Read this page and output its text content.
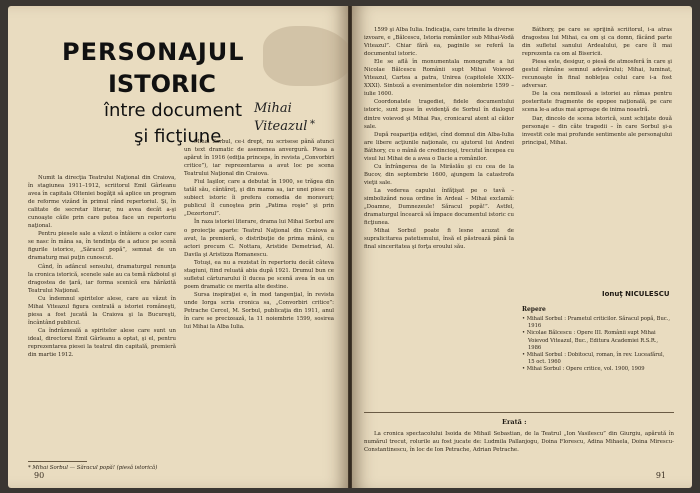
PERSONAJUL
ISTORIC
între document
şi ficţiune
Mihai
Viteazul *

Numit la direcţia Teatrului Naţional din Craiova, în stagiunea 1911–1912, scriitorul Emil Gârleanu avea în capitala Olteniei bogăţii să aplice un program de reforme vizând în primul rând repertoriul. Şi, în calitate de secretar literar, nu avea decât a-şi cunoaşte căile prin care putea face un repertoriu naţional.

Pentru piesele sale a văzut o întâiere a celor care se nasc în mâna sa, în tendinţa de a aduce pe scenă figurile istorice, „Săracul popă”, semnat de un dramaturg mai puţin cunoscut.

Când, în adâncul sensului, dramaturgul renunţa la cronica istorică, scenele sale au ca temă războiul şi dragostea de ţară, iar forma scenică era hărăzită Teatrului Naţional.

Cu îndemnul spiritelor alese, care au văzut în Mihai Viteazul figura centrală a istoriei româneşti, piesa a fost jucată la Craiova şi la Bucureşti, încântând publicul.

Ca îndrăzneală a spiritelor alese care sunt un ideal, directorul Emil Gârleanu a optat, şi el, pentru reprezentarea piesei la teatrul din capitală, premieră din martie 1912.

* Mihai Sorbul — Săracul popă! (piesă istorică)

Mihai Sorbul, ce-i drept, nu scrisese până atunci un text dramatic de asemenea anvergură. Piesa a apărut în 1916 (ediţia princeps, în revista „Convorbiri critice”), iar reprezentarea a avut loc pe scena Teatrului Naţional din Craiova.

Fiul Iaşilor, care a debutat în 1900, se trăgea din tatăl său, cântăreţ, şi din mama sa, iar unei piese cu subiect istoric îi prefera comedia de moravuri; publicul îl cunoştea prin „Patima roşie” şi prin „Dezertorul”.

În raza istoriei literare, drama lui Mihai Sorbul are o proiecţie aparte: Teatrul Naţional din Craiova a avut, la premieră, o distribuţie de prima mână, cu actori precum C. Nottara, Aristide Demetriad, Al. Davila şi Aristizza Romanescu.

Totuşi, ea nu a rezistat în repertoriu decât câteva stagiuni, fiind reluată abia după 1921. Drumul bun ce sufletul cărturarului îl ducea pe scenă avea în ea un poem dramatic ce merita alte destine.

Sursa inspiraţiei e, în mod tangenţial, în revista unde Iorga scria cronica sa, „Convorbiri critice”: Petrache Cercel, M. Sorbul, publicaţia din 1911, anul în care se precizează, la 11 noiembrie 1599, sosirea lui Mihai la Alba Iulia.

90

1599 şi Alba Iulia. Indicaţia, care trimite la diverse izvoare, e „Bălcescu, Istoria românilor sub Mihai-Vodă Viteazul”. Chiar fără ea, paginile se referă la documentul istoric.

Ele se află în monumentala monografie a lui Nicolae Bălcescu Românii supt Mihai Voievod Viteazul, Cartea a patra, Unirea (capitolele XXIX–XXXI). Sinteză a evenimentelor din noiembrie 1599 – iulie 1600.

Coordonatele tragediei, fidele documentului istoric, sunt puse în evidenţă de Sorbul în dialogul dintre voievod şi Mihai Pas, cronicarul atent al căilor sale.

După reapariţia ediţiei, cînd domnul din Alba-Iulia are libere acţiunile naţionale, cu ajutorul lui Andrei Báthory, cu o mână de credincioşi, trecutul începea cu visul lui Mihai de a avea o Dacie a românilor.

Cu înfrângerea de la Mirăslău şi cu cea de la Bucov, din septembrie 1600, ajungem la catastrofa vieţii sale.

La vederea capului înfăţişat pe o tavă – simbolizând noua ordine în Ardeal – Mihai exclamă: „Doamne, Dumnezeule! Săracul popă!”. Astfel, dramaturgul încearcă să împace documentul istoric cu ficţiunea.

Mihai Sorbul poate fi lesne acuzat de supralicitarea patetismului, însă el păstrează până la final sinceritatea şi forţa eroului său.

Báthory, pe care se sprijină scriitorul, i-a atras dragostea lui Mihai, ca om şi ca domn, făcând parte din sufletul sanului Ardealului, pe care îl mai reprezenta ca om al Bisericii.

Piesa este, desigur, o piesă de atmosferă în care şi gestul rămâne semnul adevărului; Mihai, luminat, recunoaşte în final nobleţea celui care i-a fost adversar.

De la cea nemiloasă a istoriei au rămas pentru posteritate fragmente de epopee naţională, pe care scena le-a adus mai aproape de inima noastră.

Dar, dincolo de scena istorică, sunt schiţate două personaje – din câte tragedii – în care Sorbul şi-a investit cele mai profunde sentimente ale personajului principal, Mihai.

Ionuţ NICULESCU
Repere
• Mihail Sorbul : Prametul criticilor. Săracul popă, Buc., 1916
• Nicolae Bălcescu : Opere III. Românii supt Mihai Voievod Viteazul, Buc., Editura Academiei R.S.R., 1986
• Mihail Sorbul : Dobitocul, roman, în rev. Luceafărul, 15 oct. 1960
• Mihai Sorbul : Opere critice, vol. 1900, 1909
Erată :

La cronica spectacolului Isoida de Mihail Sebastian, de la Teatrul „Ion Vasilescu” din Giurgiu, apărută în numărul trecut, rolurile au fost jucate de: Ludmila Pallanjogu, Doina Florescu, Adina Mihaela, Doina Mirescu-Constantinescu, în loc de Ion Petrache, Adrian Petrache.

91
